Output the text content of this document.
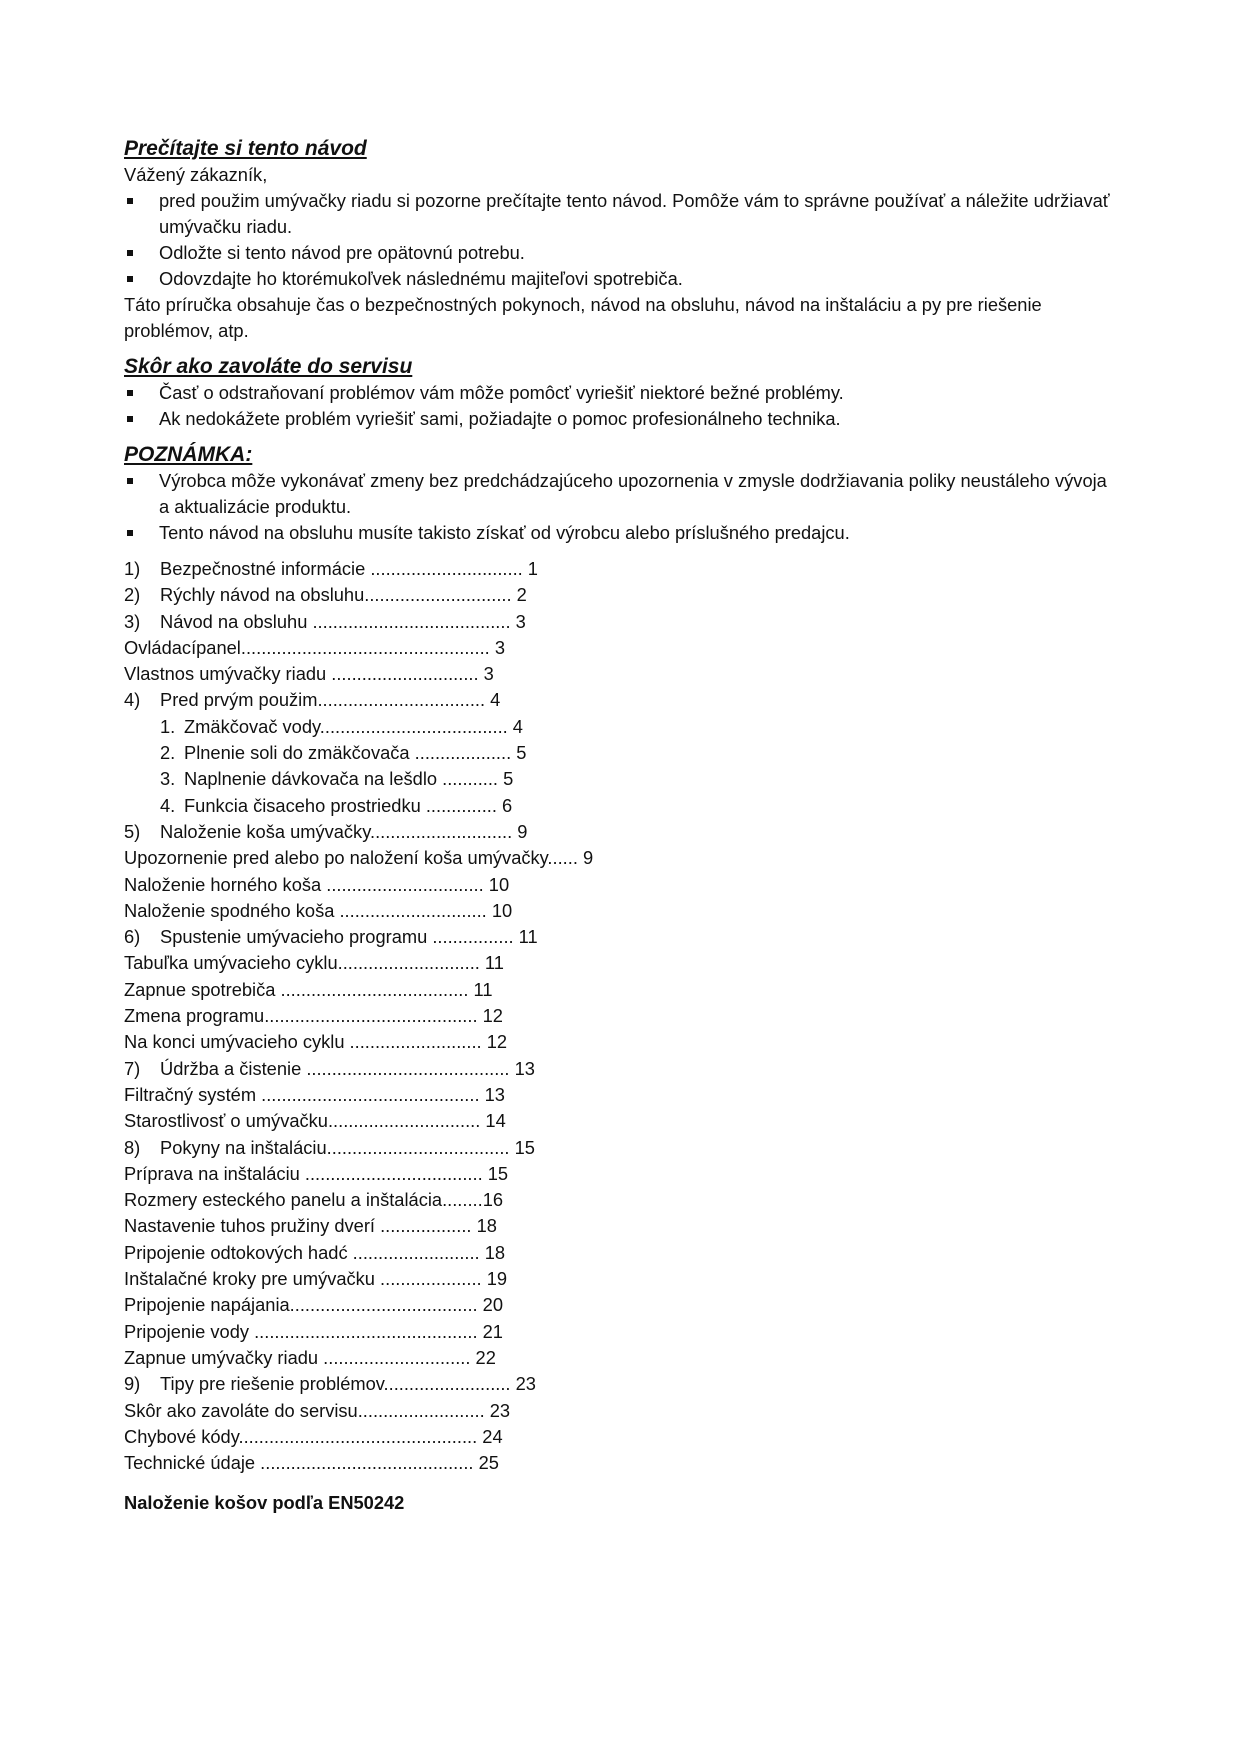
Prečítajte si tento návod
Vážený zákazník,
pred použim umývačky riadu si pozorne prečítajte tento návod. Pomôže vám to správne používať a náležite udržiavať umývačku riadu.
Odložte si tento návod pre opätovnú potrebu.
Odovzdajte ho ktorémukoľvek následnému majiteľovi spotrebiča.
Táto príručka obsahuje čas o bezpečnostných pokynoch, návod na obsluhu, návod na inštaláciu a py pre riešenie problémov, atp.
Skôr ako zavoláte do servisu
Časť o odstraňovaní problémov vám môže pomôcť vyriešiť niektoré bežné problémy.
Ak nedokážete problém vyriešiť sami, požiadajte o pomoc profesionálneho technika.
POZNÁMKA:
Výrobca môže vykonávať zmeny bez predchádzajúceho upozornenia v zmysle dodržiavania poliky neustáleho vývoja a aktualizácie produktu.
Tento návod na obsluhu musíte takisto získať od výrobcu alebo príslušného predajcu.
1)	Bezpečnostné informácie .............................. 1
2)	Rýchly návod na obsluhu............................. 2
3)	Návod na obsluhu ....................................... 3
Ovládacípanel................................................. 3
Vlastnos umývačky riadu ............................. 3
4)	Pred prvým použim................................. 4
1. Zmäkčovač vody..................................... 4
2. Plnenie soli do zmäkčovača ................... 5
3. Naplnenie dávkovača na lešdlo ........... 5
4. Funkcia čisaceho prostriedku .............. 6
5)	Naloženie koša umývačky............................ 9
Upozornenie pred alebo po naložení koša umývačky...... 9
Naloženie horného koša ............................... 10
Naloženie spodného koša ............................. 10
6)	Spustenie umývacieho programu ................ 11
Tabuľka umývacieho cyklu............................ 11
Zapnue spotrebiča ..................................... 11
Zmena programu.......................................... 12
Na konci umývacieho cyklu .......................... 12
7)	Údržba a čistenie ........................................ 13
Filtračný systém ........................................... 13
Starostlivosť o umývačku.............................. 14
8)	Pokyny na inštaláciu.................................... 15
Príprava na inštaláciu ................................... 15
Rozmery esteckého panelu a inštalácia........16
Nastavenie tuhos pružiny dverí .................. 18
Pripojenie odtokových hadć ......................... 18
Inštalačné kroky pre umývačku .................... 19
Pripojenie napájania..................................... 20
Pripojenie vody ............................................ 21
Zapnue umývačky riadu ............................. 22
9)	Tipy pre riešenie problémov......................... 23
Skôr ako zavoláte do servisu......................... 23
Chybové kódy............................................... 24
Technické údaje .......................................... 25
Naloženie košov podľa EN50242
